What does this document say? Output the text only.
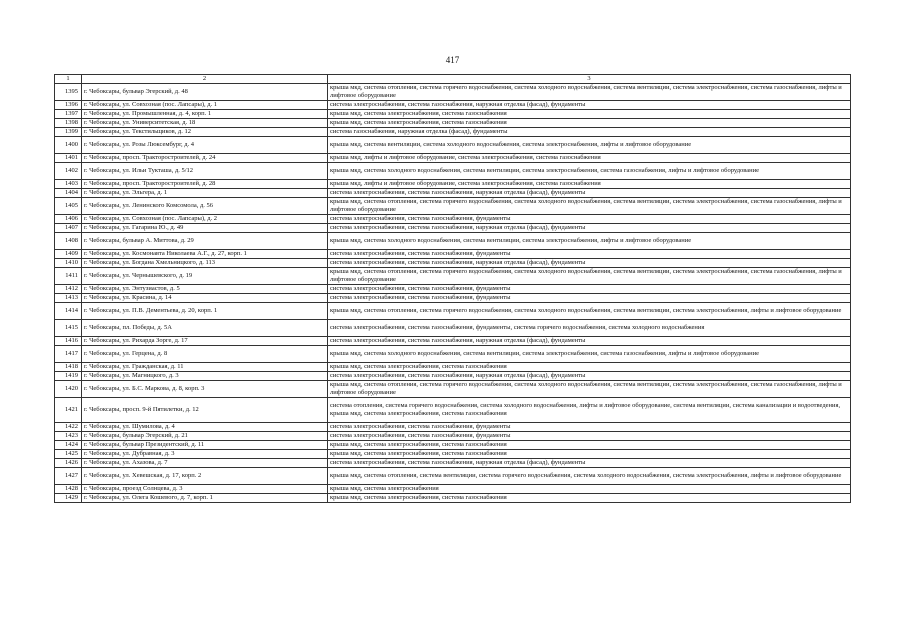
417
1	2	3
1395	г. Чебоксары, бульвар Эгерский, д. 48	крыша мкд, система отопления, система горячего водоснабжения, система холодного водоснабжения, система вентиляции, система электроснабжения, система газоснабжения, лифты и лифтовое оборудование
1396	г. Чебоксары, ул. Совхозная (пос. Лапсары), д. 1	система электроснабжения, система газоснабжения, наружная отделка (фасад), фундаменты
1397	г. Чебоксары, ул. Промышленная, д. 4, корп. 1	крыша мкд, система электроснабжения, система газоснабжения
1398	г. Чебоксары, ул. Университетская, д. 18	крыша мкд, система электроснабжения, система газоснабжения
1399	г. Чебоксары, ул. Текстильщиков, д. 12	система газоснабжения, наружная отделка (фасад), фундаменты
1400	г. Чебоксары, ул. Розы Люксембург, д. 4	крыша мкд, система вентиляции, система холодного водоснабжения, система электроснабжения, лифты и лифтовое оборудование
1401	г. Чебоксары, просп. Тракторостроителей, д. 24	крыша мкд, лифты и лифтовое оборудование, система электроснабжения, система газоснабжения
1402	г. Чебоксары, ул. Ильи Тукташа, д. 5/12	крыша мкд, система холодного водоснабжения, система вентиляции, система электроснабжения, система газоснабжения, лифты и лифтовое оборудование
1403	г. Чебоксары, просп. Тракторостроителей, д. 28	крыша мкд, лифты и лифтовое оборудование, система электроснабжения, система газоснабжения
1404	г. Чебоксары, ул. Эльгера, д. 1	система электроснабжения, система газоснабжения, наружная отделка (фасад), фундаменты
1405	г. Чебоксары, ул. Ленинского Комсомола, д. 56	крыша мкд, система отопления, система горячего водоснабжения, система холодного водоснабжения, система вентиляции, система электроснабжения, система газоснабжения, лифты и лифтовое оборудование
1406	г. Чебоксары, ул. Совхозная (пос. Лапсары), д. 2	система электроснабжения, система газоснабжения, фундаменты
1407	г. Чебоксары, ул. Гагарина Ю., д. 49	система электроснабжения, система газоснабжения, наружная отделка (фасад), фундаменты
1408	г. Чебоксары, бульвар А. Миттова, д. 29	крыша мкд, система холодного водоснабжения, система вентиляции, система электроснабжения, лифты и лифтовое оборудование
1409	г. Чебоксары, ул. Космонавта Николаева А.Г., д. 27, корп. 1	система электроснабжения, система газоснабжения, фундаменты
1410	г. Чебоксары, ул. Богдана Хмельницкого, д. 113	система электроснабжения, система газоснабжения, наружная отделка (фасад), фундаменты
1411	г. Чебоксары, ул. Чернышевского, д. 19	крыша мкд, система отопления, система горячего водоснабжения, система холодного водоснабжения, система вентиляции, система электроснабжения, система газоснабжения, лифты и лифтовое оборудование
1412	г. Чебоксары, ул. Энтузиастов, д. 5	система электроснабжения, система газоснабжения, фундаменты
1413	г. Чебоксары, ул. Красина, д. 14	система электроснабжения, система газоснабжения, фундаменты
1414	г. Чебоксары, ул. П.В. Дементьева, д. 20, корп. 1	крыша мкд, система отопления, система горячего водоснабжения, система холодного водоснабжения, система вентиляции, система электроснабжения, лифты и лифтовое оборудование
1415	г. Чебоксары, пл. Победы, д. 5А	система электроснабжения, система газоснабжения, фундаменты, система горячего водоснабжения, система холодного водоснабжения
1416	г. Чебоксары, ул. Рихарда Зорге, д. 17	система электроснабжения, система газоснабжения, наружная отделка (фасад), фундаменты
1417	г. Чебоксары, ул. Герцена, д. 8	крыша мкд, система холодного водоснабжения, система вентиляции, система электроснабжения, система газоснабжения, лифты и лифтовое оборудование
1418	г. Чебоксары, ул. Гражданская, д. 11	крыша мкд, система электроснабжения, система газоснабжения
1419	г. Чебоксары, ул. Магницкого, д. 3	система электроснабжения, система газоснабжения, наружная отделка (фасад), фундаменты
1420	г. Чебоксары, ул. Б.С. Маркова, д. 8, корп. 3	крыша мкд, система отопления, система горячего водоснабжения, система холодного водоснабжения, система вентиляции, система электроснабжения, система газоснабжения, лифты и лифтовое оборудование
1421	г. Чебоксары, просп. 9-й Пятилетки, д. 12	система отопления, система горячего водоснабжения, система холодного водоснабжения, лифты и лифтовое оборудование, система вентиляции, система канализации и водоотведения, крыша мкд, система электроснабжения, система газоснабжения
1422	г. Чебоксары, ул. Шумилова, д. 4	система электроснабжения, система газоснабжения, фундаменты
1423	г. Чебоксары, бульвар Эгерский, д. 21	система электроснабжения, система газоснабжения, фундаменты
1424	г. Чебоксары, бульвар Президентский, д. 11	крыша мкд, система электроснабжения, система газоснабжения
1425	г. Чебоксары, ул. Дубравная, д. 3	крыша мкд, система электроснабжения, система газоснабжения
1426	г. Чебоксары, ул. Ахазова, д. 7	система электроснабжения, система газоснабжения, наружная отделка (фасад), фундаменты
1427	г. Чебоксары, ул. Хевешская, д. 17, корп. 2	крыша мкд, система отопления, система вентиляции, система горячего водоснабжения, система холодного водоснабжения, система электроснабжения, лифты и лифтовое оборудование
1428	г. Чебоксары, проезд Солнцева, д. 3	крыша мкд, система электроснабжения
1429	г. Чебоксары, ул. Олега Кошевого, д. 7, корп. 1	крыша мкд, система электроснабжения, система газоснабжения
